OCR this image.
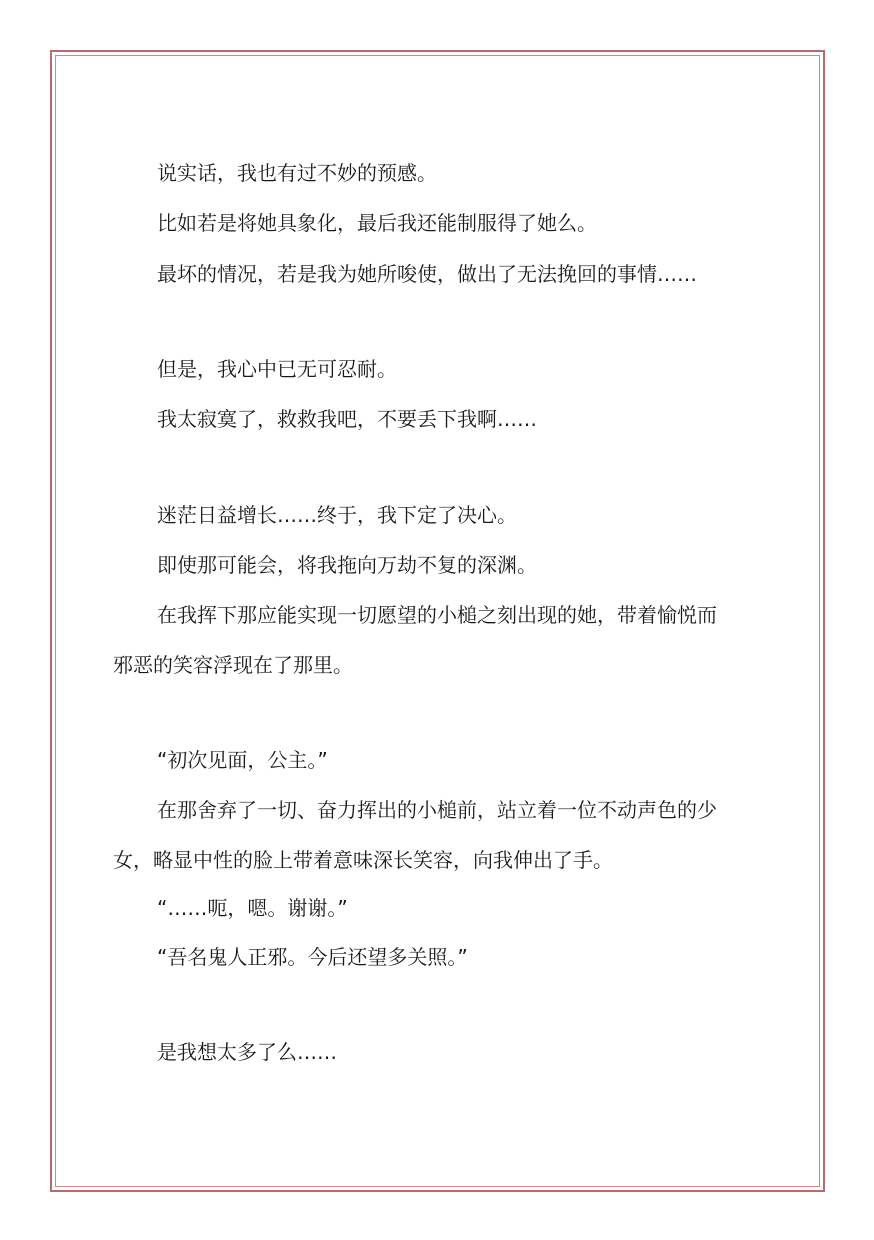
说实话，我也有过不妙的预感。
比如若是将她具象化，最后我还能制服得了她么。
最坏的情况，若是我为她所唆使，做出了无法挽回的事情……
但是，我心中已无可忍耐。
我太寂寞了，救救我吧，不要丢下我啊……
迷茫日益增长……终于，我下定了决心。
即使那可能会，将我拖向万劫不复的深渊。
在我挥下那应能实现一切愿望的小槌之刻出现的她，带着愉悦而
邪恶的笑容浮现在了那里。
“初次见面，公主。”
在那舍弃了一切、奋力挥出的小槌前，站立着一位不动声色的少
女，略显中性的脸上带着意味深长笑容，向我伸出了手。
“……呃，嗯。谢谢。”
“吾名鬼人正邪。今后还望多关照。”
是我想太多了么……
